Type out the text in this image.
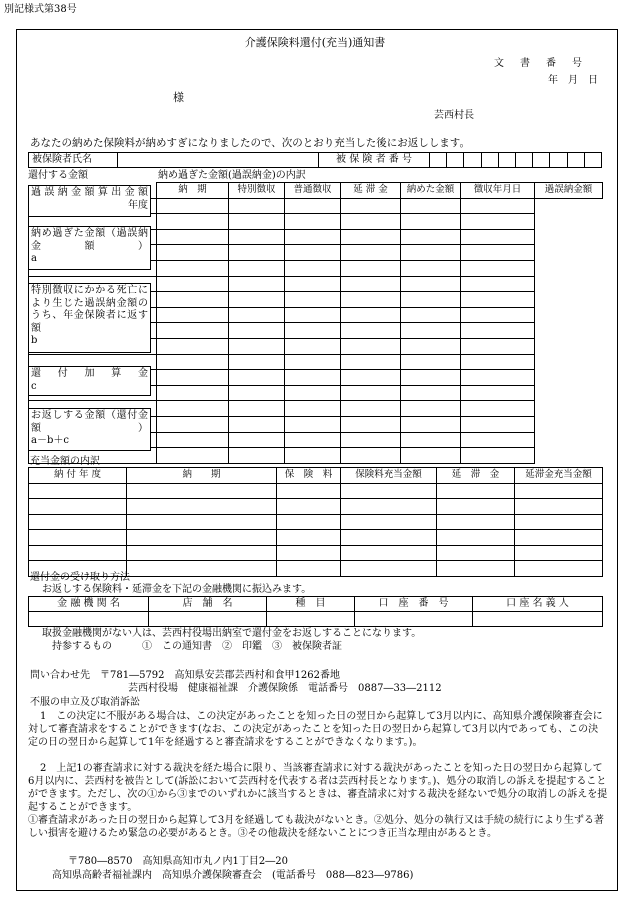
別記様式第38号
介護保険料還付(充当)通知書
文書番号
年　月　日
様
芸西村長
あなたの納めた保険料が納めすぎになりましたので、次のとおり充当した後にお返しします。
被保険者氏名		被 保 険 者 番 号										
還付する金額	納め過ぎた金額(過誤納金)の内訳
	納　期	特別徴収	普通徴収	延 滞 金	納めた金額	徴収年月日	過誤納金額

過誤納金額算出金額
年度
納め過ぎた金額（過誤納金額）
a
特別徴収にかかる死亡により生じた過誤納金額のうち、年金保険者に返す額
b
還付加算金
c
お返しする金額（還付金額）
a－b＋c
充当金額の内訳
納 付 年 度	納　　期	保　険　料	保険料充当金額	延　滞　金	延滞金充当金額

還付金の受け取り方法
お返しする保険料・延滞金を下記の金融機関に振込みます。
金 融 機 関 名	店　舗　名	種　目	口　座　番　号	口 座 名 義 人

取扱金融機関がない人は、芸西村役場出納室で還付金をお返しすることになります。
持参するもの　　　①　この通知書　②　印鑑　③　被保険者証
問い合わせ先　〒781―5792　高知県安芸郡芸西村和食甲1262番地
芸西村役場　健康福祉課　介護保険係　電話番号　0887―33―2112
不服の申立及び取消訴訟
1　この決定に不服がある場合は、この決定があったことを知った日の翌日から起算して3月以内に、高知県介護保険審査会に対して審査請求をすることができます(なお、この決定があったことを知った日の翌日から起算して3月以内であっても、この決定の日の翌日から起算して1年を経過すると審査請求をすることができなくなります。)。
2　上記1の審査請求に対する裁決を経た場合に限り、当該審査請求に対する裁決があったことを知った日の翌日から起算して6月以内に、芸西村を被告として(訴訟において芸西村を代表する者は芸西村長となります。)、処分の取消しの訴えを提起することができます。ただし、次の①から③までのいずれかに該当するときは、審査請求に対する裁決を経ないで処分の取消しの訴えを提起することができます。
①審査請求があった日の翌日から起算して3月を経過しても裁決がないとき。②処分、処分の執行又は手続の続行により生ずる著しい損害を避けるため緊急の必要があるとき。③その他裁決を経ないことにつき正当な理由があるとき。
〒780―8570　高知県高知市丸ノ内1丁目2―20
高知県高齢者福祉課内　高知県介護保険審査会　(電話番号　088―823―9786)
